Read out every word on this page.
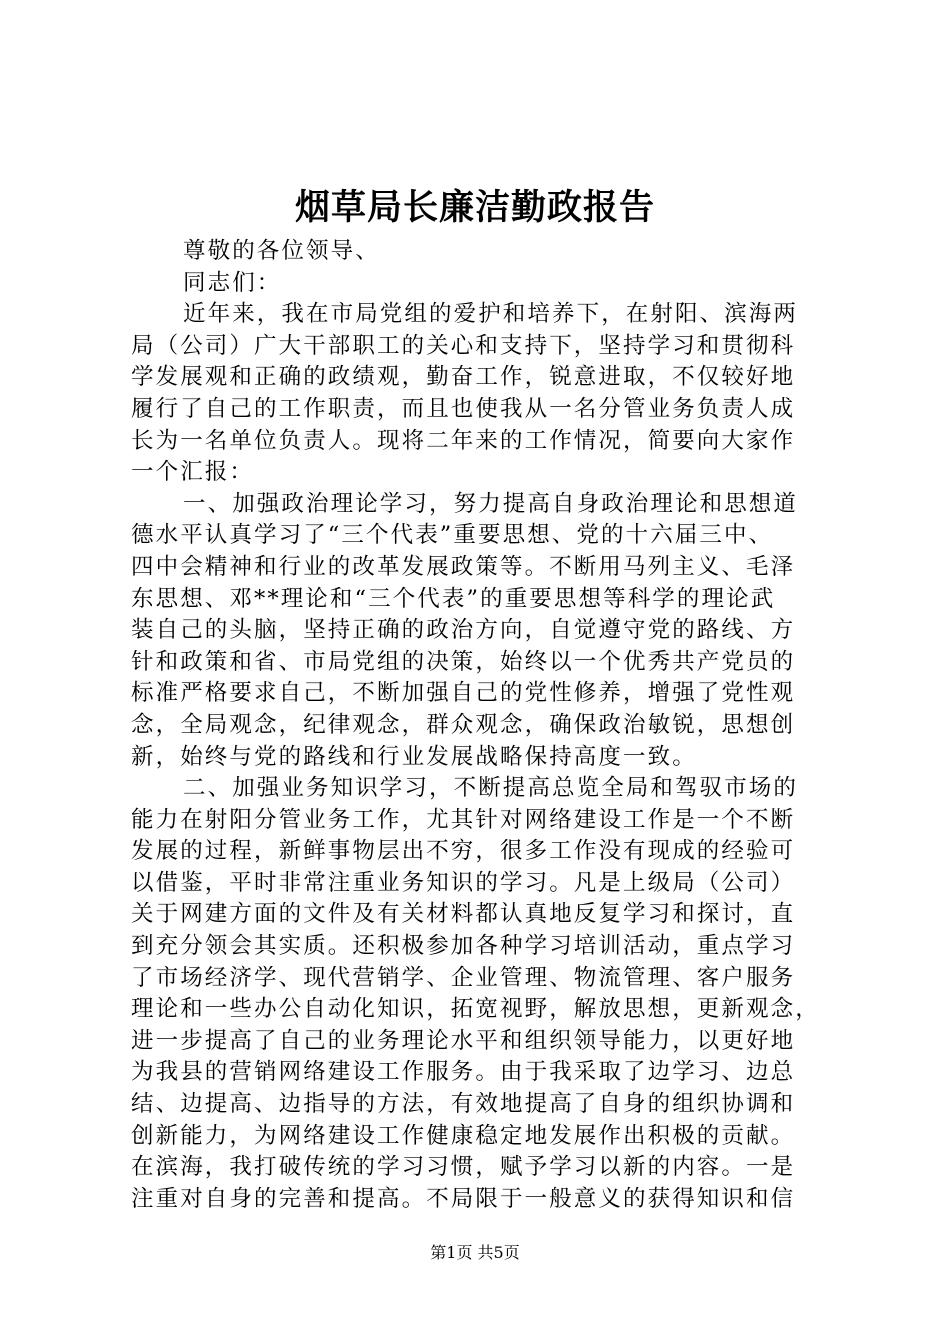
烟草局长廉洁勤政报告
尊敬的各位领导、
同志们：
近年来，我在市局党组的爱护和培养下，在射阳、滨海两
局（公司）广大干部职工的关心和支持下，坚持学习和贯彻科
学发展观和正确的政绩观，勤奋工作，锐意进取，不仅较好地
履行了自己的工作职责，而且也使我从一名分管业务负责人成
长为一名单位负责人。现将二年来的工作情况，简要向大家作
一个汇报：
一、加强政治理论学习，努力提高自身政治理论和思想道
德水平认真学习了“三个代表”重要思想、党的十六届三中、
四中会精神和行业的改革发展政策等。不断用马列主义、毛泽
东思想、邓**理论和“三个代表”的重要思想等科学的理论武
装自己的头脑，坚持正确的政治方向，自觉遵守党的路线、方
针和政策和省、市局党组的决策，始终以一个优秀共产党员的
标准严格要求自己，不断加强自己的党性修养，增强了党性观
念，全局观念，纪律观念，群众观念，确保政治敏锐，思想创
新，始终与党的路线和行业发展战略保持高度一致。
二、加强业务知识学习，不断提高总览全局和驾驭市场的
能力在射阳分管业务工作，尤其针对网络建设工作是一个不断
发展的过程，新鲜事物层出不穷，很多工作没有现成的经验可
以借鉴，平时非常注重业务知识的学习。凡是上级局（公司）
关于网建方面的文件及有关材料都认真地反复学习和探讨，直
到充分领会其实质。还积极参加各种学习培训活动，重点学习
了市场经济学、现代营销学、企业管理、物流管理、客户服务
理论和一些办公自动化知识，拓宽视野，解放思想，更新观念，
进一步提高了自己的业务理论水平和组织领导能力，以更好地
为我县的营销网络建设工作服务。由于我采取了边学习、边总
结、边提高、边指导的方法，有效地提高了自身的组织协调和
创新能力，为网络建设工作健康稳定地发展作出积极的贡献。
在滨海，我打破传统的学习习惯，赋予学习以新的内容。一是
注重对自身的完善和提高。不局限于一般意义的获得知识和信
第1页 共5页
